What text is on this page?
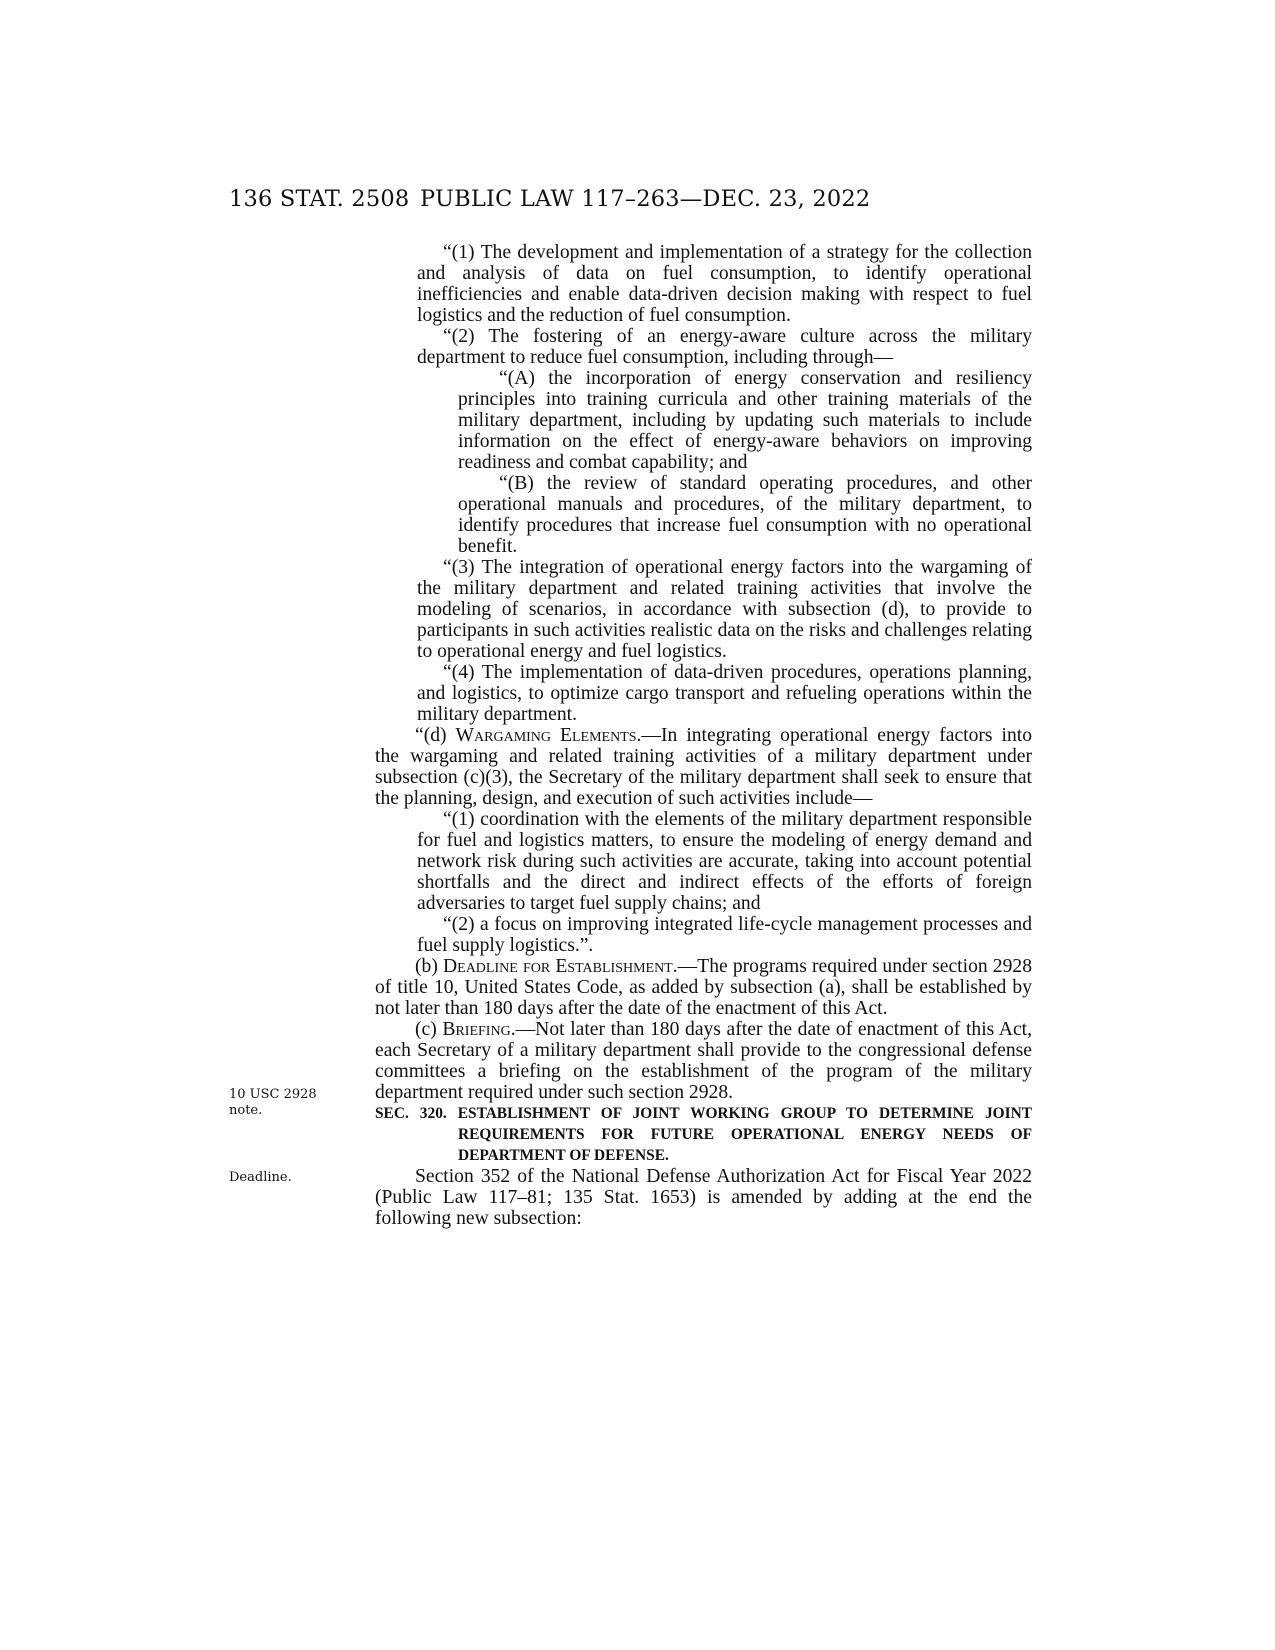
136 STAT. 2508 PUBLIC LAW 117–263—DEC. 23, 2022
10 USC 2928
note.
Deadline.

“(1) The development and implementation of a strategy for the collection and analysis of data on fuel consumption, to identify operational inefficiencies and enable data-driven decision making with respect to fuel logistics and the reduction of fuel consumption.

“(2) The fostering of an energy-aware culture across the military department to reduce fuel consumption, including through—

“(A) the incorporation of energy conservation and resiliency principles into training curricula and other training materials of the military department, including by updating such materials to include information on the effect of energy-aware behaviors on improving readiness and combat capability; and

“(B) the review of standard operating procedures, and other operational manuals and procedures, of the military department, to identify procedures that increase fuel consumption with no operational benefit.

“(3) The integration of operational energy factors into the wargaming of the military department and related training activities that involve the modeling of scenarios, in accordance with subsection (d), to provide to participants in such activities realistic data on the risks and challenges relating to operational energy and fuel logistics.

“(4) The implementation of data-driven procedures, operations planning, and logistics, to optimize cargo transport and refueling operations within the military department.

“(d) Wargaming Elements.—In integrating operational energy factors into the wargaming and related training activities of a military department under subsection (c)(3), the Secretary of the military department shall seek to ensure that the planning, design, and execution of such activities include—

“(1) coordination with the elements of the military department responsible for fuel and logistics matters, to ensure the modeling of energy demand and network risk during such activities are accurate, taking into account potential shortfalls and the direct and indirect effects of the efforts of foreign adversaries to target fuel supply chains; and

“(2) a focus on improving integrated life-cycle management processes and fuel supply logistics.”.

(b) Deadline for Establishment.—The programs required under section 2928 of title 10, United States Code, as added by subsection (a), shall be established by not later than 180 days after the date of the enactment of this Act.

(c) Briefing.—Not later than 180 days after the date of enactment of this Act, each Secretary of a military department shall provide to the congressional defense committees a briefing on the establishment of the program of the military department required under such section 2928.

SEC. 320. ESTABLISHMENT OF JOINT WORKING GROUP TO DETERMINE JOINT REQUIREMENTS FOR FUTURE OPERATIONAL ENERGY NEEDS OF DEPARTMENT OF DEFENSE.

Section 352 of the National Defense Authorization Act for Fiscal Year 2022 (Public Law 117–81; 135 Stat. 1653) is amended by adding at the end the following new subsection:
